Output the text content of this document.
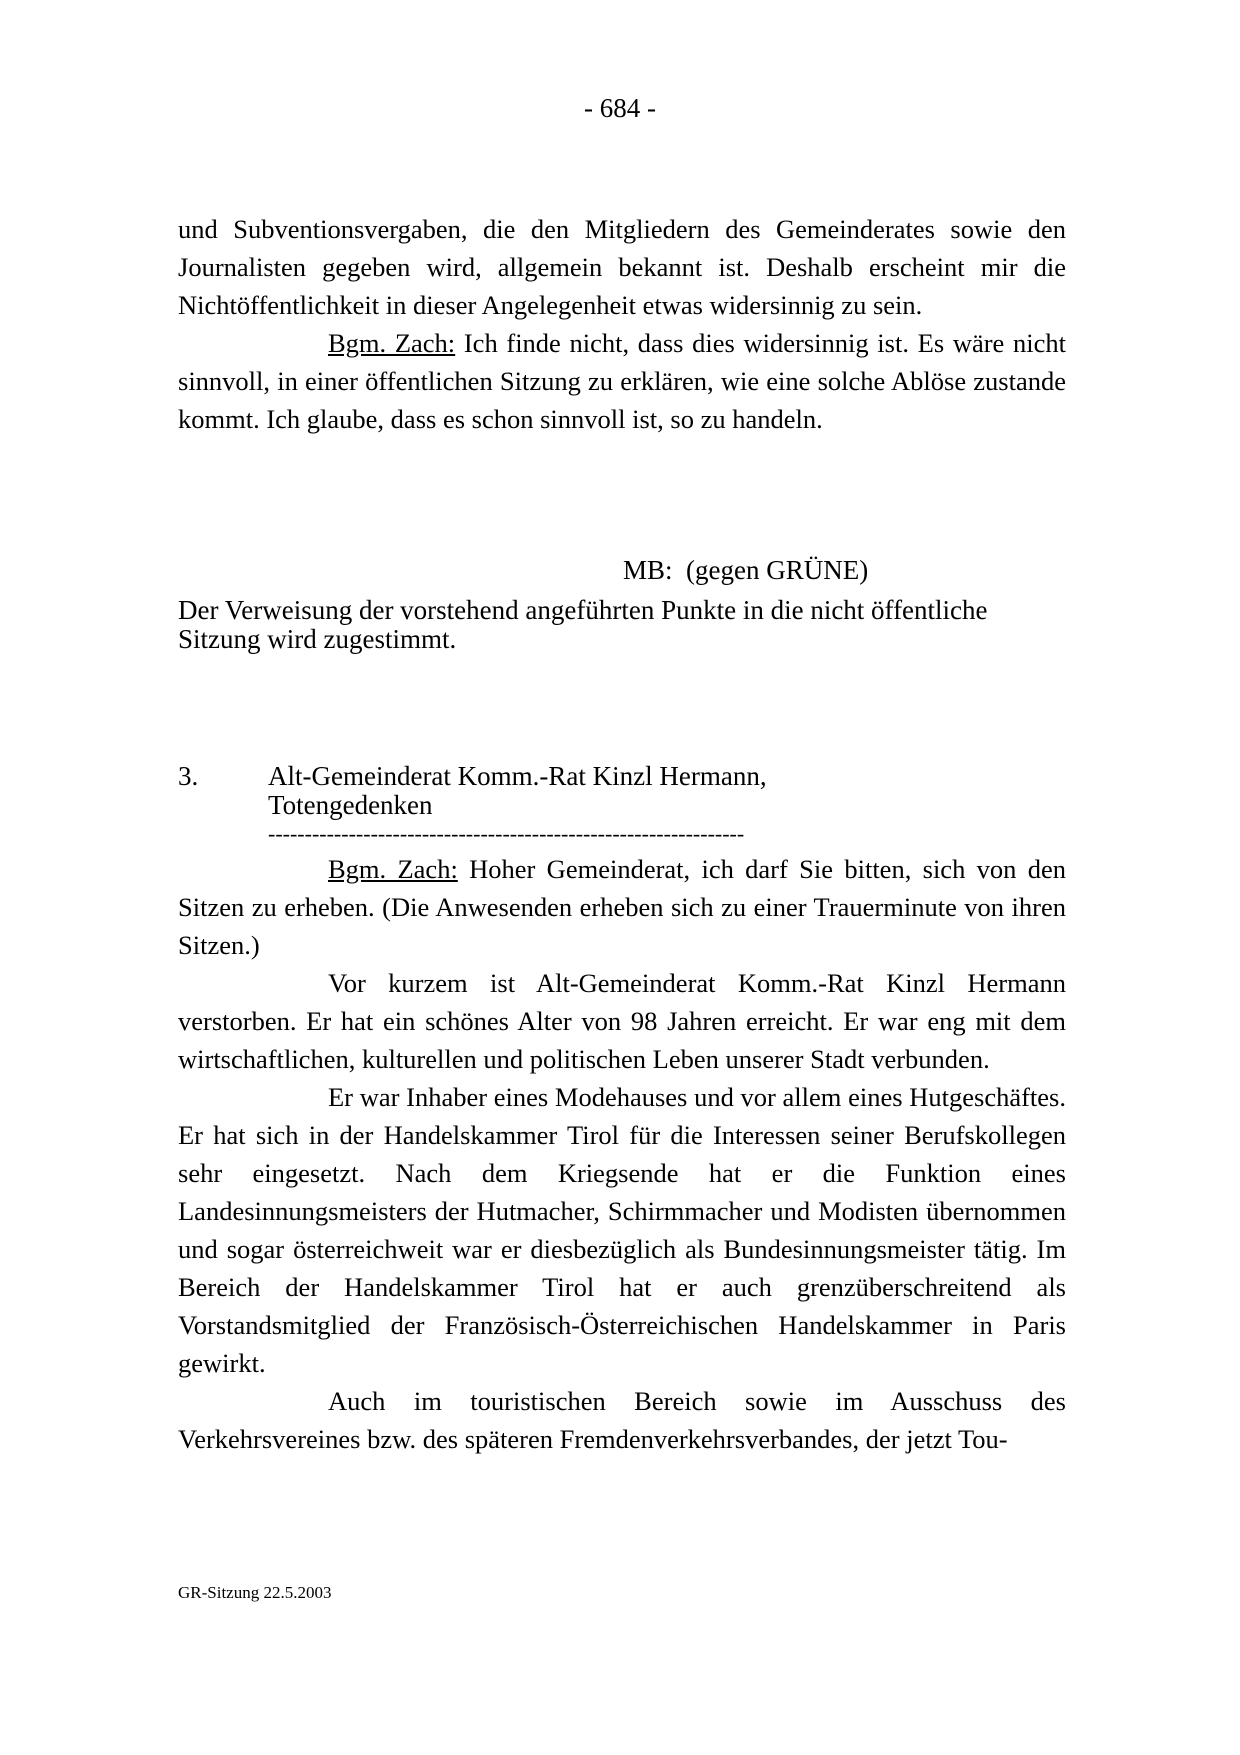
- 684 -

und Subventionsvergaben, die den Mitgliedern des Gemeinderates sowie den Journalisten gegeben wird, allgemein bekannt ist. Deshalb erscheint mir die Nichtöffentlichkeit in dieser Angelegenheit etwas widersinnig zu sein.

Bgm. Zach: Ich finde nicht, dass dies widersinnig ist. Es wäre nicht sinnvoll, in einer öffentlichen Sitzung zu erklären, wie eine solche Ablöse zustande kommt. Ich glaube, dass es schon sinnvoll ist, so zu handeln.

MB:  (gegen GRÜNE)
Der Verweisung der vorstehend angeführten Punkte in die nicht öffentliche Sitzung wird zugestimmt.
3.	Alt-Gemeinderat Komm.-Rat Kinzl Hermann, Totengedenken
-----------------------------------------------------------------

Bgm. Zach: Hoher Gemeinderat, ich darf Sie bitten, sich von den Sitzen zu erheben. (Die Anwesenden erheben sich zu einer Trauerminute von ihren Sitzen.)

Vor kurzem ist Alt-Gemeinderat Komm.-Rat Kinzl Hermann verstorben. Er hat ein schönes Alter von 98 Jahren erreicht. Er war eng mit dem wirtschaftlichen, kulturellen und politischen Leben unserer Stadt verbunden.

Er war Inhaber eines Modehauses und vor allem eines Hutgeschäftes. Er hat sich in der Handelskammer Tirol für die Interessen seiner Berufskollegen sehr eingesetzt. Nach dem Kriegsende hat er die Funktion eines Landesinnungsmeisters der Hutmacher, Schirmmacher und Modisten übernommen und sogar österreichweit war er diesbezüglich als Bundesinnungsmeister tätig. Im Bereich der Handelskammer Tirol hat er auch grenzüberschreitend als Vorstandsmitglied der Französisch-Österreichischen Handelskammer in Paris gewirkt.

Auch im touristischen Bereich sowie im Ausschuss des Verkehrsvereines bzw. des späteren Fremdenverkehrsverbandes, der jetzt Tou-

GR-Sitzung 22.5.2003
